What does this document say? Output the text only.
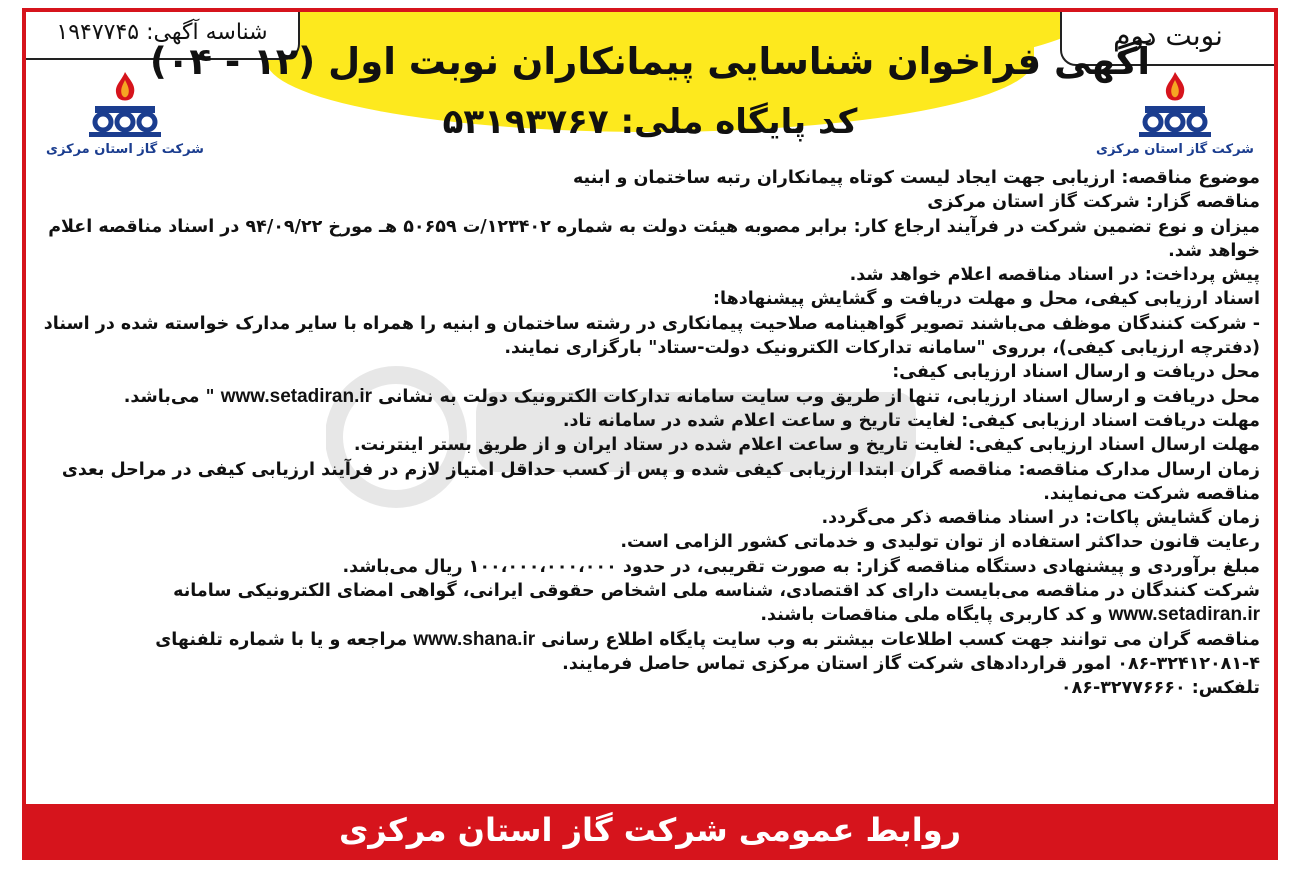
نوبت دوم
شناسه آگهی: ۱۹۴۷۷۴۵
آگهی فراخوان شناسایی پیمانکاران نوبت اول (۱۲ - ۰۴)
کد پایگاه ملی: ۵۳۱۹۳۷۶۷
شرکت گاز استان مرکزی
شرکت گاز استان مرکزی

موضوع مناقصه: ارزیابی جهت ایجاد لیست کوتاه پیمانکاران رتبه ساختمان و ابنیه

مناقصه گزار: شرکت گاز استان مرکزی

میزان و نوع تضمین شرکت در فرآیند ارجاع کار: برابر مصوبه هیئت دولت به شماره ۱۲۳۴۰۲/ت ۵۰۶۵۹ هـ مورخ ۹۴/۰۹/۲۲ در اسناد مناقصه اعلام خواهد شد.

پیش پرداخت: در اسناد مناقصه اعلام خواهد شد.

اسناد ارزیابی کیفی، محل و مهلت دریافت و گشایش پیشنهادها:

- شرکت کنندگان موظف می‌باشند تصویر گواهینامه صلاحیت پیمانکاری در رشته ساختمان و ابنیه را همراه با سایر مدارک خواسته شده در اسناد (دفترچه ارزیابی کیفی)، برروی "سامانه تدارکات الکترونیک دولت-ستاد" بارگزاری نمایند.

محل دریافت و ارسال اسناد ارزیابی کیفی:

محل دریافت و ارسال اسناد ارزیابی، تنها از طریق وب سایت سامانه تدارکات الکترونیک دولت به نشانی www.setadiran.ir " می‌باشد.

مهلت دریافت اسناد ارزیابی کیفی: لغایت تاریخ و ساعت اعلام شده در سامانه تاد.

مهلت ارسال اسناد ارزیابی کیفی: لغایت تاریخ و ساعت اعلام شده در ستاد ایران و از طریق بستر اینترنت.

زمان ارسال مدارک مناقصه: مناقصه گران ابتدا ارزیابی کیفی شده و پس از کسب حداقل امتیاز لازم در فرآیند ارزیابی کیفی در مراحل بعدی مناقصه شرکت می‌نمایند.

زمان گشایش پاکات: در اسناد مناقصه ذکر می‌گردد.

رعایت قانون حداکثر استفاده از توان تولیدی و خدماتی کشور الزامی است.

مبلغ برآوردی و پیشنهادی دستگاه مناقصه گزار: به صورت تقریبی، در حدود ۱۰۰،۰۰۰،۰۰۰،۰۰۰ ریال می‌باشد.

شرکت کنندگان در مناقصه می‌بایست دارای کد اقتصادی، شناسه ملی اشخاص حقوقی ایرانی، گواهی امضای الکترونیکی سامانه www.setadiran.ir و کد کاربری پایگاه ملی مناقصات باشند.

مناقصه گران می توانند جهت کسب اطلاعات بیشتر به وب سایت پایگاه اطلاع رسانی www.shana.ir مراجعه و یا با شماره تلفنهای ۴-۳۲۴۱۲۰۸۱-۰۸۶ امور قراردادهای شرکت گاز استان مرکزی تماس حاصل فرمایند.

تلفکس: ۳۲۷۷۶۶۶۰-۰۸۶

روابط عمومی شرکت گاز استان مرکزی
